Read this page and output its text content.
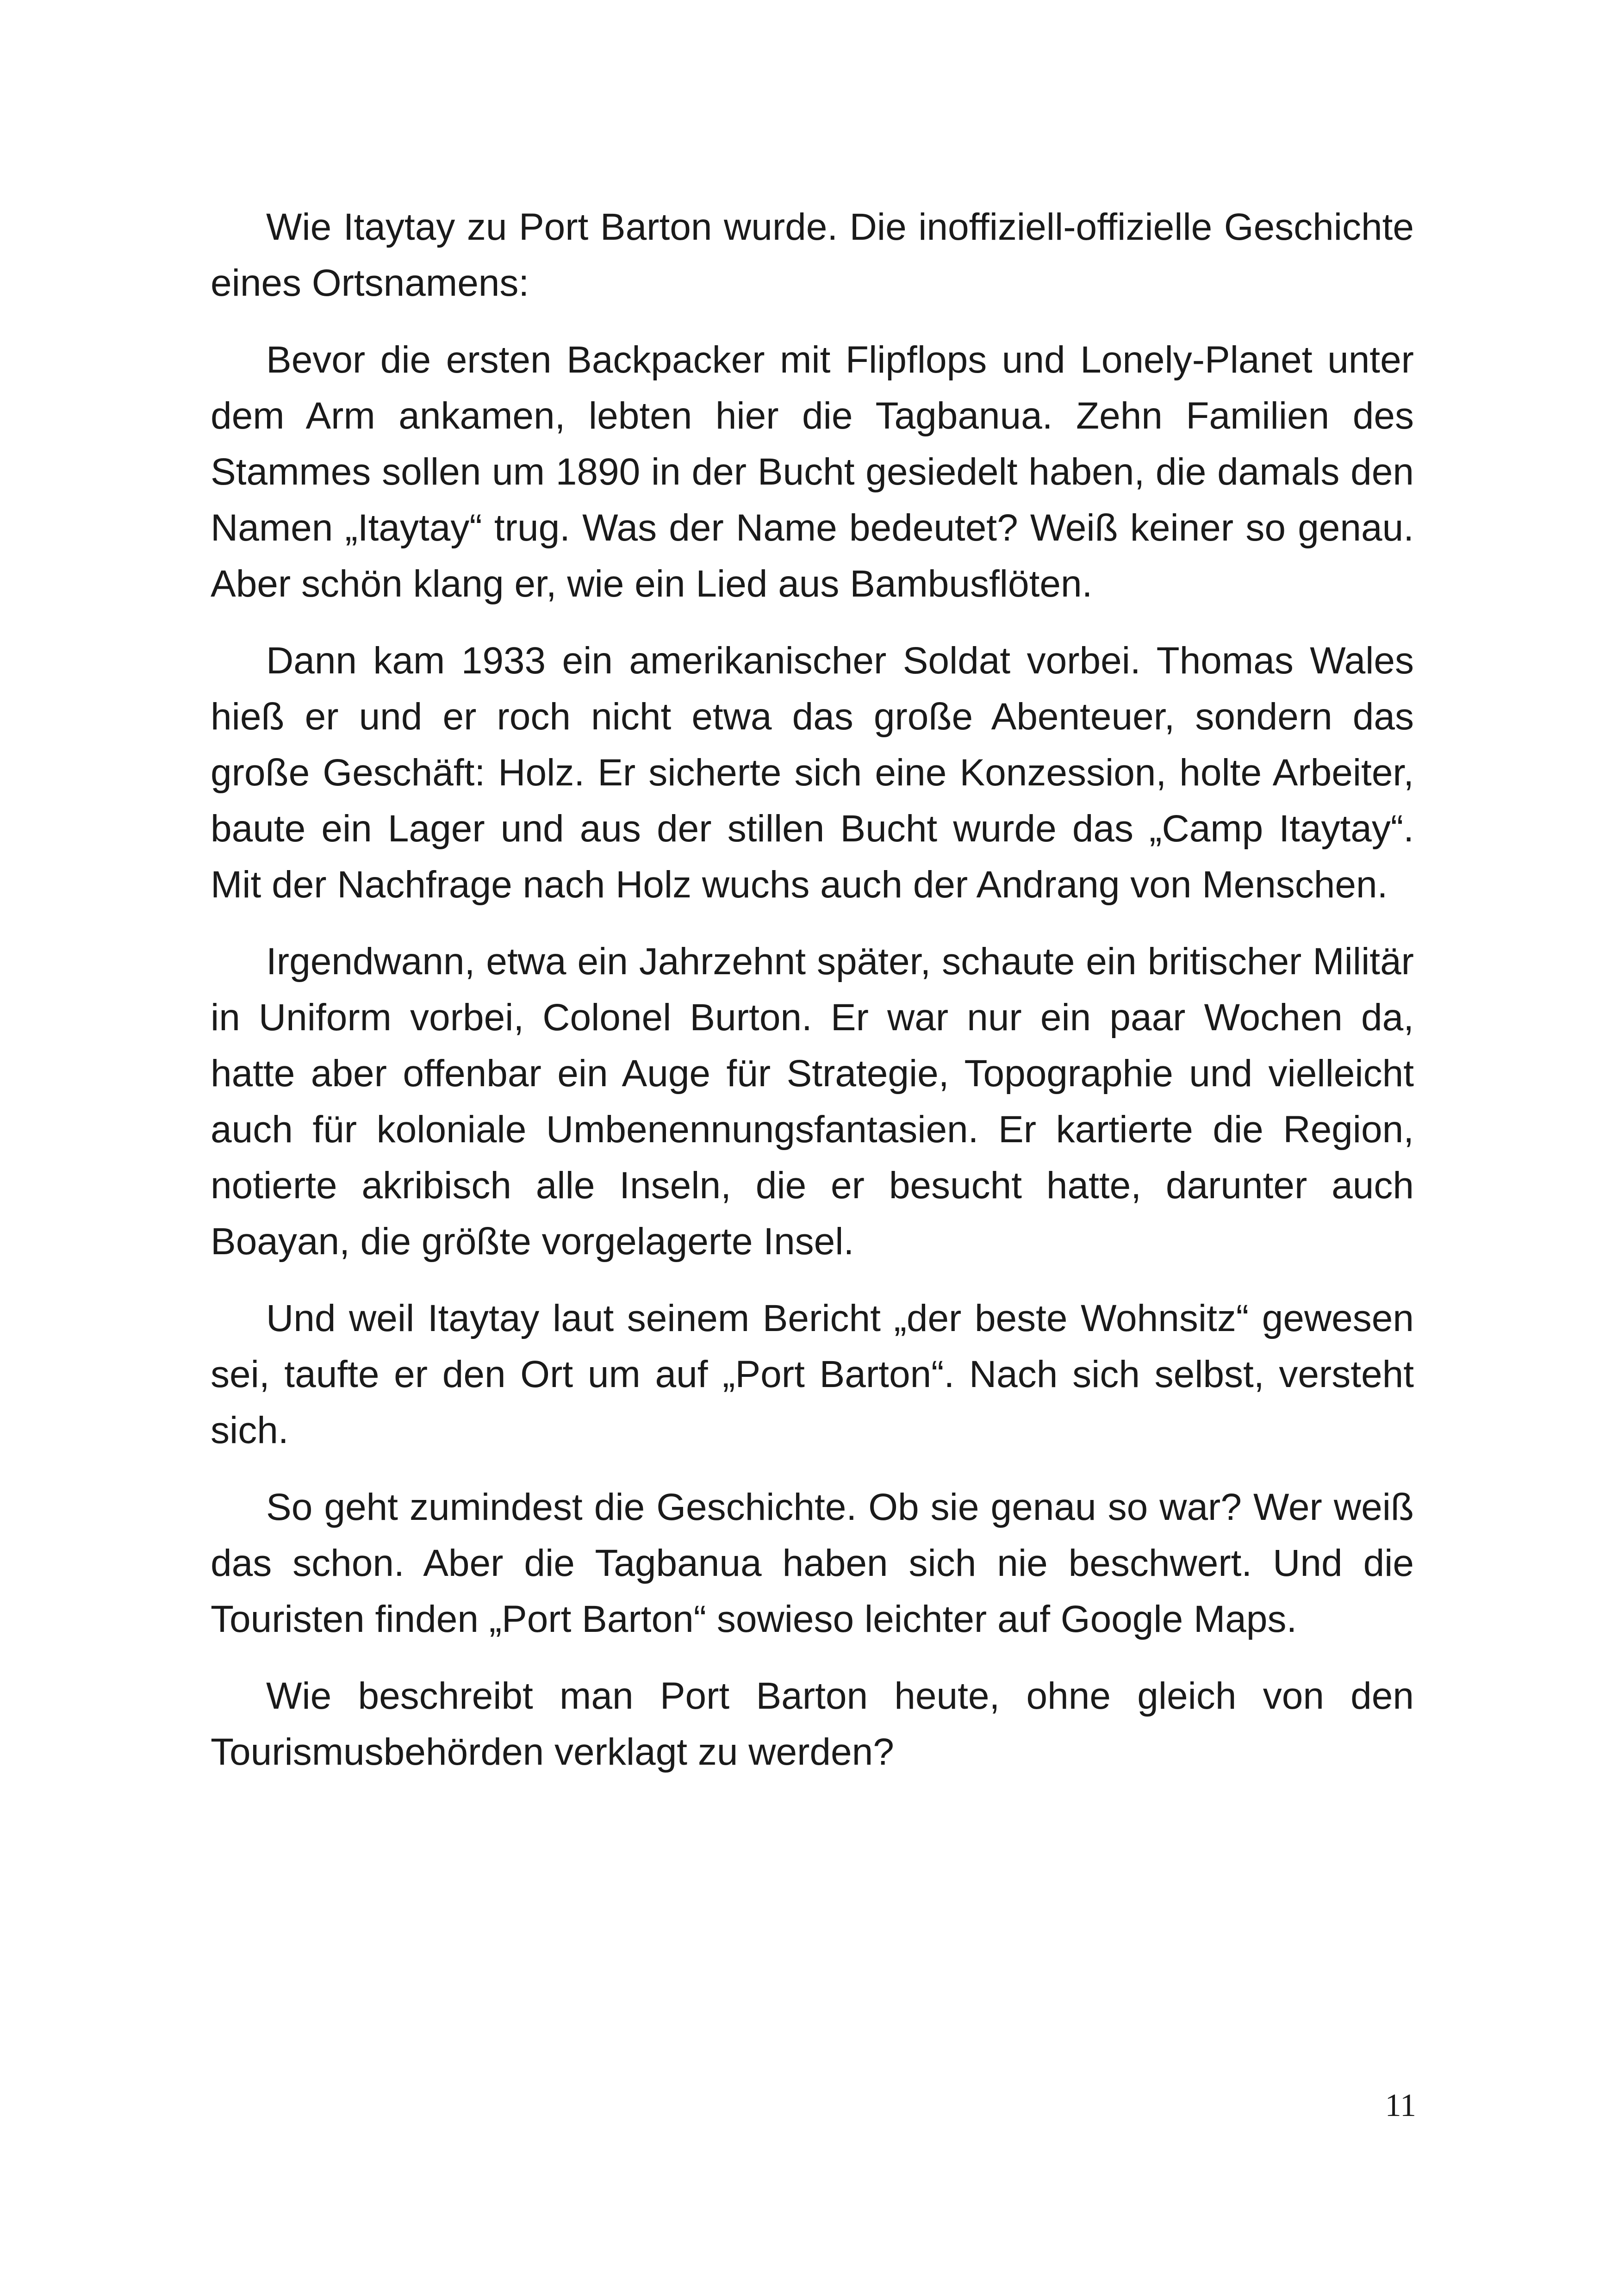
Wie Itaytay zu Port Barton wurde. Die inoffiziell-offizielle Geschichte eines Ortsnamens:

Bevor die ersten Backpacker mit Flipflops und Lonely-Planet unter dem Arm ankamen, lebten hier die Tagbanua. Zehn Familien des Stammes sollen um 1890 in der Bucht gesiedelt haben, die damals den Namen „Itaytay“ trug. Was der Name bedeutet? Weiß keiner so genau. Aber schön klang er, wie ein Lied aus Bambusflöten.

Dann kam 1933 ein amerikanischer Soldat vorbei. Thomas Wales hieß er und er roch nicht etwa das große Abenteuer, sondern das große Geschäft: Holz. Er sicherte sich eine Konzession, holte Arbeiter, baute ein Lager und aus der stillen Bucht wurde das „Camp Itaytay“. Mit der Nachfrage nach Holz wuchs auch der Andrang von Menschen.

Irgendwann, etwa ein Jahrzehnt später, schaute ein britischer Militär in Uniform vorbei, Colonel Burton. Er war nur ein paar Wochen da, hatte aber offenbar ein Auge für Strategie, Topographie und vielleicht auch für koloniale Umbenennungsfantasien. Er kartierte die Region, notierte akribisch alle Inseln, die er besucht hatte, darunter auch Boayan, die größte vorgelagerte Insel.

Und weil Itaytay laut seinem Bericht „der beste Wohnsitz“ gewesen sei, taufte er den Ort um auf „Port Barton“. Nach sich selbst, versteht sich.

So geht zumindest die Geschichte. Ob sie genau so war? Wer weiß das schon. Aber die Tagbanua haben sich nie beschwert. Und die Touristen finden „Port Barton“ sowieso leichter auf Google Maps.

Wie beschreibt man Port Barton heute, ohne gleich von den Tourismusbehörden verklagt zu werden?

11
